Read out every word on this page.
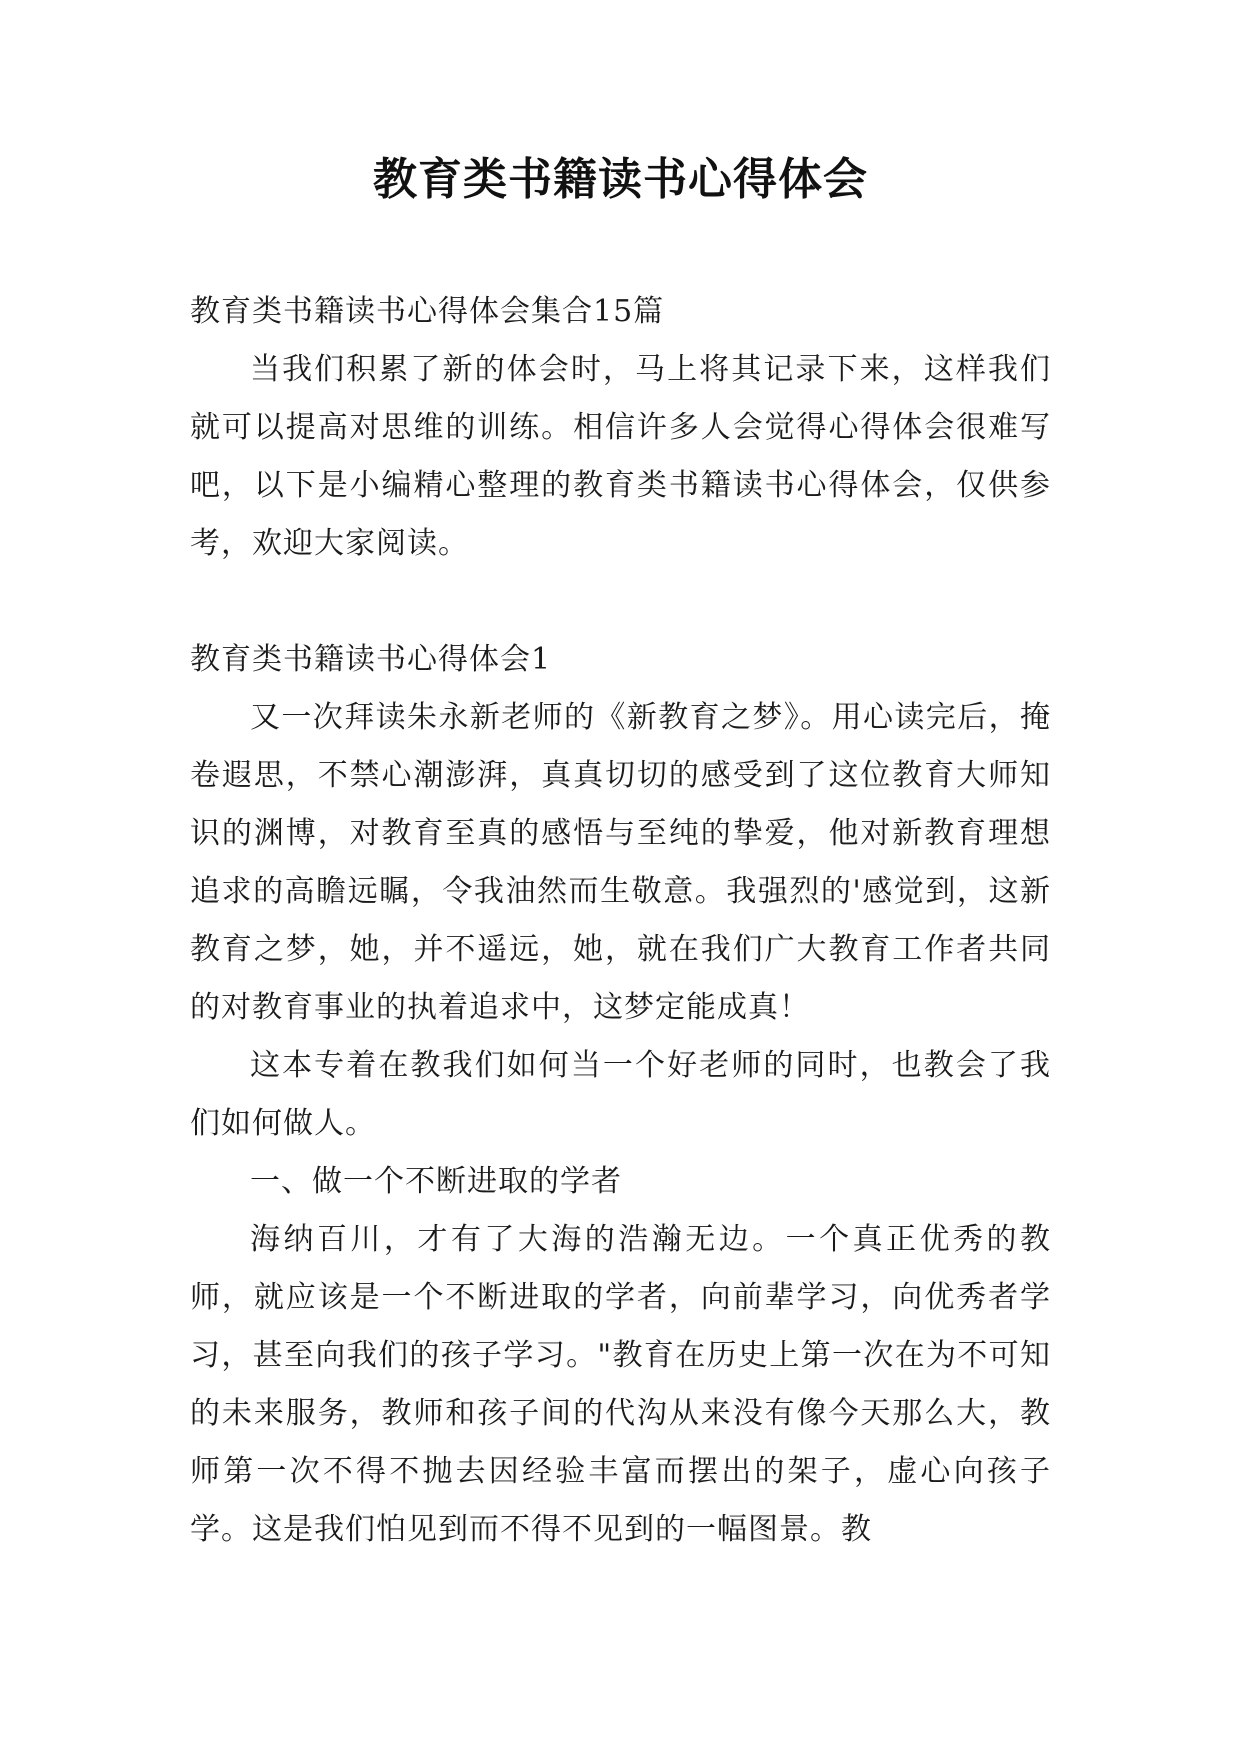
教育类书籍读书心得体会

教育类书籍读书心得体会集合15篇

当我们积累了新的体会时，马上将其记录下来，这样我们就可以提高对思维的训练。相信许多人会觉得心得体会很难写吧，以下是小编精心整理的教育类书籍读书心得体会，仅供参考，欢迎大家阅读。

教育类书籍读书心得体会1

又一次拜读朱永新老师的《新教育之梦》。用心读完后，掩卷遐思，不禁心潮澎湃，真真切切的感受到了这位教育大师知识的渊博，对教育至真的感悟与至纯的挚爱，他对新教育理想追求的高瞻远瞩，令我油然而生敬意。我强烈的'感觉到，这新教育之梦，她，并不遥远，她，就在我们广大教育工作者共同的对教育事业的执着追求中，这梦定能成真！

这本专着在教我们如何当一个好老师的同时，也教会了我们如何做人。

一、做一个不断进取的学者

海纳百川，才有了大海的浩瀚无边。一个真正优秀的教师，就应该是一个不断进取的学者，向前辈学习，向优秀者学习，甚至向我们的孩子学习。"教育在历史上第一次在为不可知的未来服务，教师和孩子间的代沟从来没有像今天那么大，教师第一次不得不抛去因经验丰富而摆出的架子，虚心向孩子学。这是我们怕见到而不得不见到的一幅图景。教
